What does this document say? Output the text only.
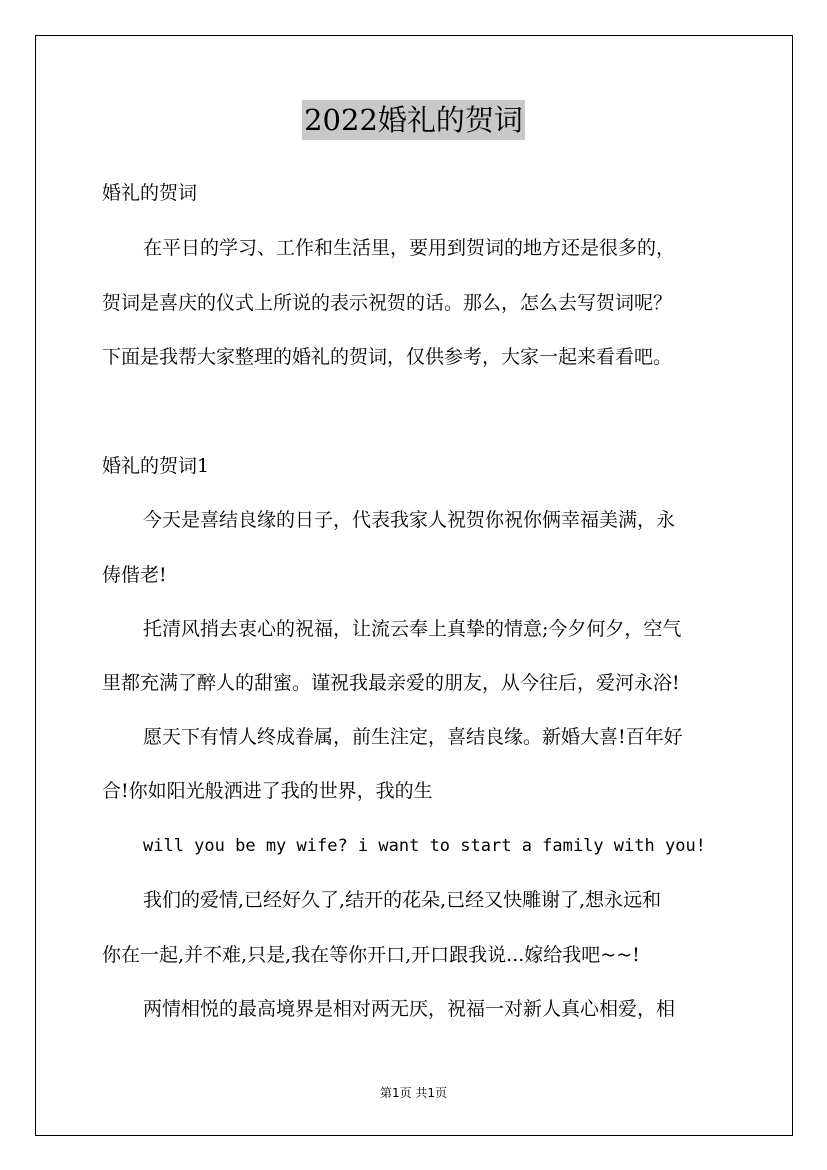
2022婚礼的贺词
婚礼的贺词
在平日的学习、工作和生活里，要用到贺词的地方还是很多的，
贺词是喜庆的仪式上所说的表示祝贺的话。那么，怎么去写贺词呢？
下面是我帮大家整理的婚礼的贺词，仅供参考，大家一起来看看吧。
婚礼的贺词1
今天是喜结良缘的日子，代表我家人祝贺你祝你俩幸福美满，永
俦偕老!
托清风捎去衷心的祝福，让流云奉上真挚的情意;今夕何夕，空气
里都充满了醉人的甜蜜。谨祝我最亲爱的朋友，从今往后，爱河永浴!
愿天下有情人终成眷属，前生注定，喜结良缘。新婚大喜!百年好
合!你如阳光般洒进了我的世界，我的生
will you be my wife? i want to start a family with you!
我们的爱情,已经好久了,结开的花朵,已经又快雕谢了,想永远和
你在一起,并不难,只是,我在等你开口,开口跟我说...嫁给我吧~~!
两情相悦的最高境界是相对两无厌，祝福一对新人真心相爱，相
第1页 共1页
